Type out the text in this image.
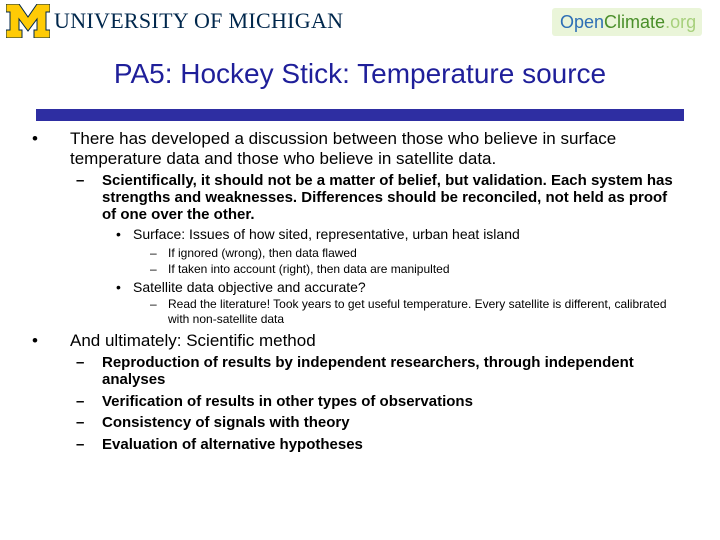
UNIVERSITY OF MICHIGAN	OpenClimate.org
PA5: Hockey Stick: Temperature source
• There has developed a discussion between those who believe in surface temperature data and those who believe in satellite data.
– Scientifically, it should not be a matter of belief, but validation. Each system has strengths and weaknesses. Differences should be reconciled, not held as proof of one over the other.
• Surface: Issues of how sited, representative, urban heat island
– If ignored (wrong), then data flawed
– If taken into account (right), then data are manipulted
• Satellite data objective and accurate?
– Read the literature! Took years to get useful temperature. Every satellite is different, calibrated with non-satellite data
• And ultimately: Scientific method
– Reproduction of results by independent researchers, through independent analyses
– Verification of results in other types of observations
– Consistency of signals with theory
– Evaluation of alternative hypotheses
